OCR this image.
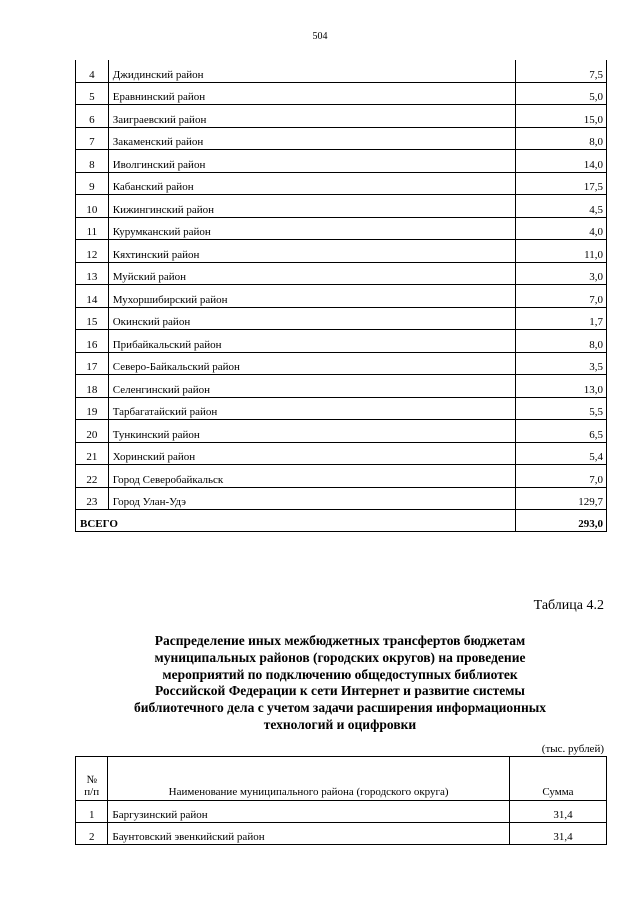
504
4	Джидинский район	7,5
5	Еравнинский район	5,0
6	Заиграевский район	15,0
7	Закаменский район	8,0
8	Иволгинский район	14,0
9	Кабанский район	17,5
10	Кижингинский район	4,5
11	Курумканский район	4,0
12	Кяхтинский район	11,0
13	Муйский район	3,0
14	Мухоршибирский район	7,0
15	Окинский район	1,7
16	Прибайкальский район	8,0
17	Северо-Байкальский район	3,5
18	Селенгинский район	13,0
19	Тарбагатайский район	5,5
20	Тункинский район	6,5
21	Хоринский район	5,4
22	Город Северобайкальск	7,0
23	Город Улан-Удэ	129,7
ВСЕГО		293,0
Таблица 4.2
Распределение иных межбюджетных трансфертов бюджетам
муниципальных районов (городских округов) на проведение
мероприятий по подключению общедоступных библиотек
Российской Федерации к сети Интернет и развитие системы
библиотечного дела с учетом задачи расширения информационных
технологий и оцифровки
(тыс. рублей)
№
п/п	Наименование муниципального района (городского округа)	Сумма
1	Баргузинский район	31,4
2	Баунтовский эвенкийский район	31,4
